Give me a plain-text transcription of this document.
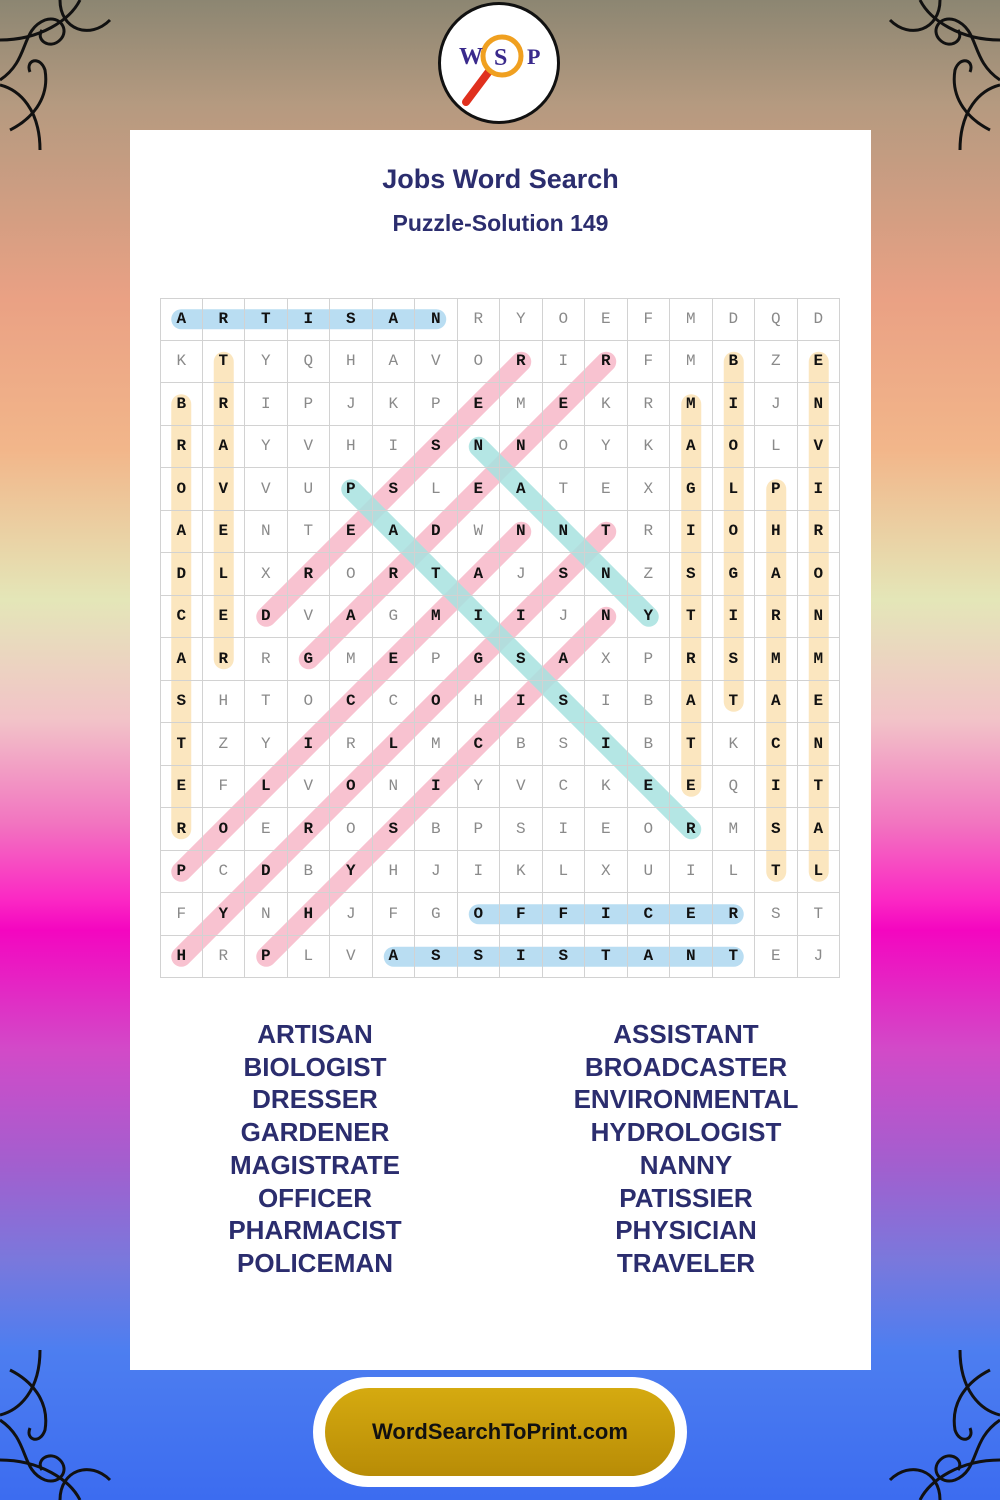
W S P
Jobs Word Search
Puzzle-Solution 149
A	R	T	I	S	A	N	R	Y	O	E	F	M	D	Q	D
K	T	Y	Q	H	A	V	O	R	I	R	F	M	B	Z	E
B	R	I	P	J	K	P	E	M	E	K	R	M	I	J	N
R	A	Y	V	H	I	S	N	N	O	Y	K	A	O	L	V
O	V	V	U	P	S	L	E	A	T	E	X	G	L	P	I
A	E	N	T	E	A	D	W	N	N	T	R	I	O	H	R
D	L	X	R	O	R	T	A	J	S	N	Z	S	G	A	O
C	E	D	V	A	G	M	I	I	J	N	Y	T	I	R	N
A	R	R	G	M	E	P	G	S	A	X	P	R	S	M	M
S	H	T	O	C	C	O	H	I	S	I	B	A	T	A	E
T	Z	Y	I	R	L	M	C	B	S	I	B	T	K	C	N
E	F	L	V	O	N	I	Y	V	C	K	E	E	Q	I	T
R	O	E	R	O	S	B	P	S	I	E	O	R	M	S	A
P	C	D	B	Y	H	J	I	K	L	X	U	I	L	T	L
F	Y	N	H	J	F	G	O	F	F	I	C	E	R	S	T
H	R	P	L	V	A	S	S	I	S	T	A	N	T	E	J
ARTISAN
BIOLOGIST
DRESSER
GARDENER
MAGISTRATE
OFFICER
PHARMACIST
POLICEMAN
ASSISTANT
BROADCASTER
ENVIRONMENTAL
HYDROLOGIST
NANNY
PATISSIER
PHYSICIAN
TRAVELER
WordSearchToPrint.com
